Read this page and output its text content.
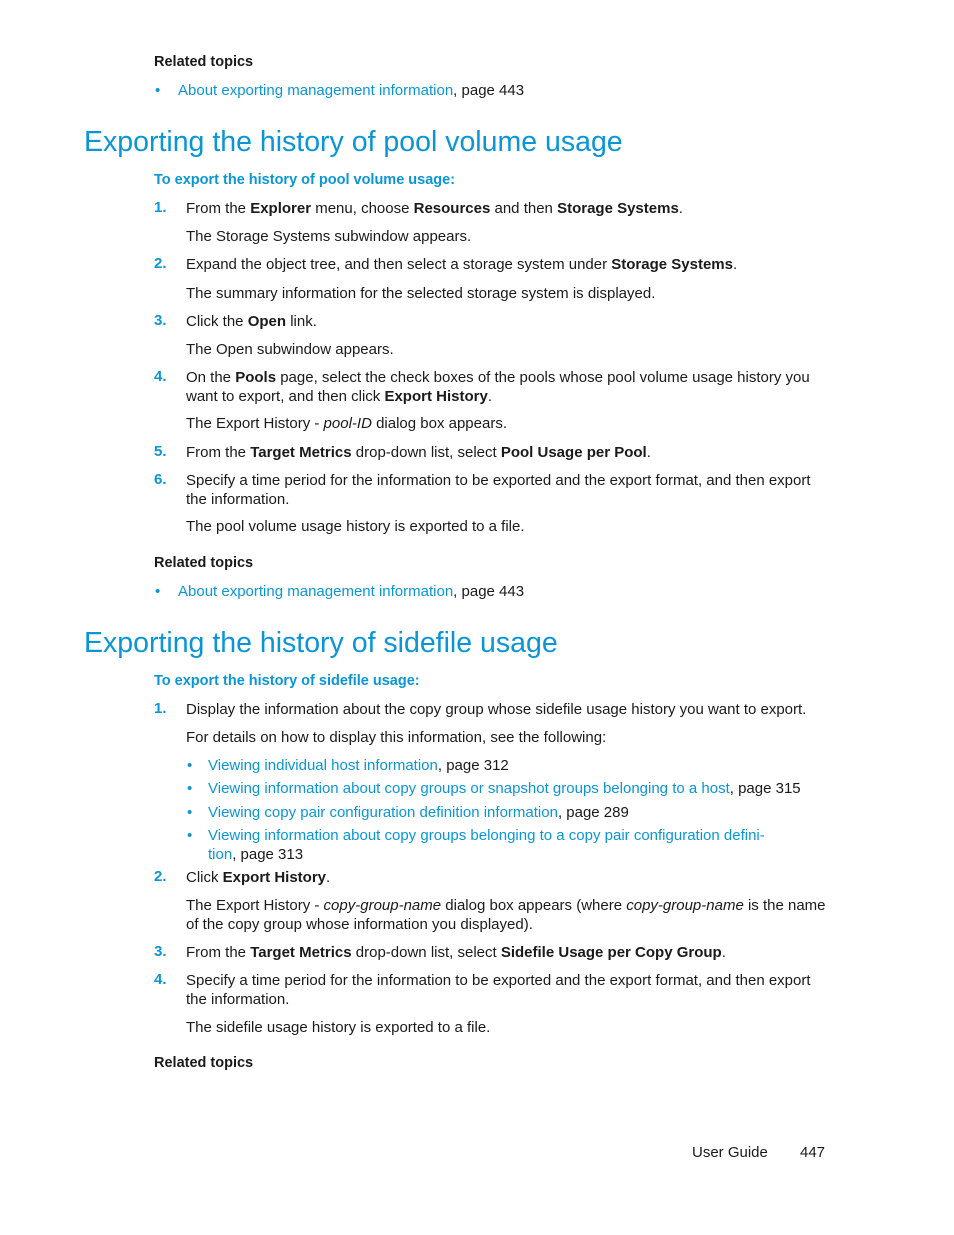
Related topics
• About exporting management information, page 443
Exporting the history of pool volume usage
To export the history of pool volume usage:
1. From the Explorer menu, choose Resources and then Storage Systems.
The Storage Systems subwindow appears.
2. Expand the object tree, and then select a storage system under Storage Systems.
The summary information for the selected storage system is displayed.
3. Click the Open link.
The Open subwindow appears.
4. On the Pools page, select the check boxes of the pools whose pool volume usage history you want to export, and then click Export History.
The Export History - pool-ID dialog box appears.
5. From the Target Metrics drop-down list, select Pool Usage per Pool.
6. Specify a time period for the information to be exported and the export format, and then export the information.
The pool volume usage history is exported to a file.
Related topics
• About exporting management information, page 443
Exporting the history of sidefile usage
To export the history of sidefile usage:
1. Display the information about the copy group whose sidefile usage history you want to export.
For details on how to display this information, see the following:
• Viewing individual host information, page 312
• Viewing information about copy groups or snapshot groups belonging to a host, page 315
• Viewing copy pair configuration definition information, page 289
• Viewing information about copy groups belonging to a copy pair configuration defini-
tion, page 313
2. Click Export History.
The Export History - copy-group-name dialog box appears (where copy-group-name is the name of the copy group whose information you displayed).
3. From the Target Metrics drop-down list, select Sidefile Usage per Copy Group.
4. Specify a time period for the information to be exported and the export format, and then export the information.
The sidefile usage history is exported to a file.
Related topics
User Guide 447
